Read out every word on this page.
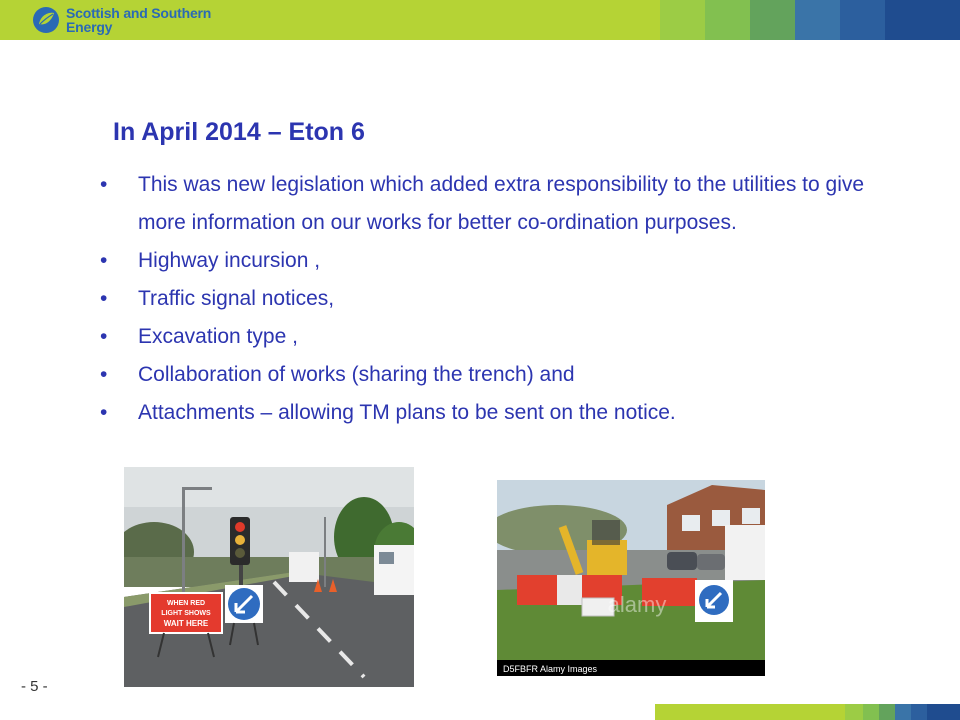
Scottish and Southern
Energy
In April 2014 – Eton 6
• This was new legislation which added extra responsibility to the utilities to give more information on our works for better co-ordination purposes.
• Highway incursion ,
• Traffic signal notices,
• Excavation type ,
• Collaboration of works (sharing the trench) and
• Attachments – allowing TM plans to be sent on the notice.
WHEN RED
LIGHT SHOWS
WAIT HERE
alamy
D5FBFR Alamy Images
- 5 -
